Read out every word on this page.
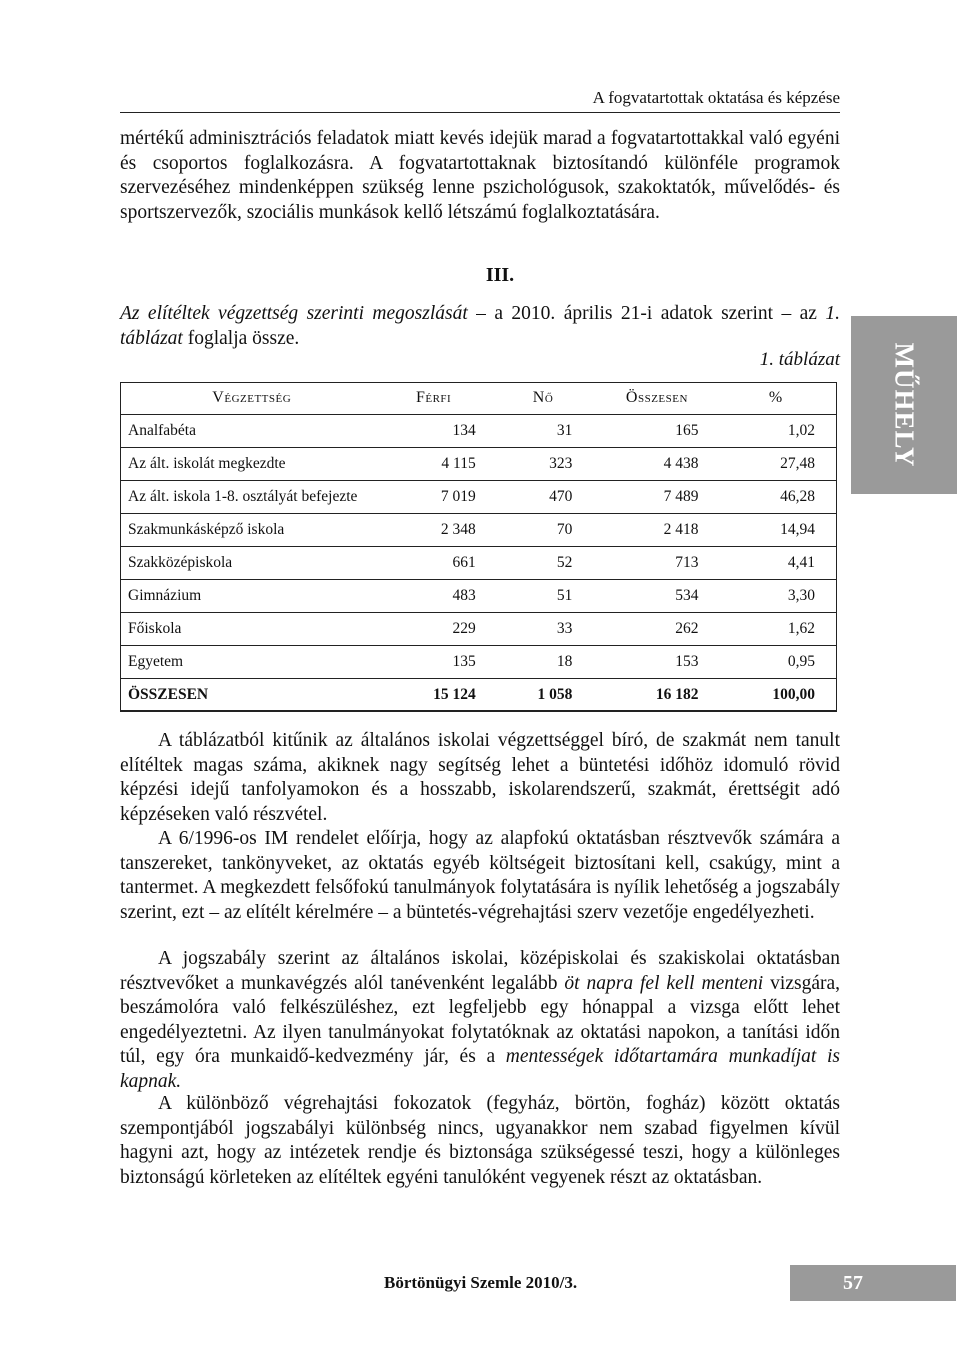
A fogvatartottak oktatása és képzése

mértékű adminisztrációs feladatok miatt kevés idejük marad a fogvatartottakkal való egyéni és csoportos foglalkozásra. A fogvatartottaknak biztosítandó különféle programok szervezéséhez mindenképpen szükség lenne pszichológusok, szakoktatók, művelődés- és sportszervezők, szociális munkások kellő létszámú foglalkoztatására.

III.

Az elítéltek végzettség szerinti megoszlását – a 2010. április 21-i adatok szerint – az 1. táblázat foglalja össze.

1. táblázat
Végzettség	Férfi	Nő	Összesen	%
Analfabéta	134	31	165	1,02
Az ált. iskolát megkezdte	4 115	323	4 438	27,48
Az ált. iskola 1-8. osztályát befejezte	7 019	470	7 489	46,28
Szakmunkásképző iskola	2 348	70	2 418	14,94
Szakközépiskola	661	52	713	4,41
Gimnázium	483	51	534	3,30
Főiskola	229	33	262	1,62
Egyetem	135	18	153	0,95
ÖSSZESEN	15 124	1 058	16 182	100,00

A táblázatból kitűnik az általános iskolai végzettséggel bíró, de szakmát nem tanult elítéltek magas száma, akiknek nagy segítség lehet a büntetési időhöz idomuló rövid képzési idejű tanfolyamokon és a hosszabb, iskolarendszerű, szakmát, érettségit adó képzéseken való részvétel.

A 6/1996-os IM rendelet előírja, hogy az alapfokú oktatásban résztvevők számára a tanszereket, tankönyveket, az oktatás egyéb költségeit biztosítani kell, csakúgy, mint a tantermet. A megkezdett felsőfokú tanulmányok folytatására is nyílik lehetőség a jogszabály szerint, ezt – az elítélt kérelmére – a büntetés-végrehajtási szerv vezetője engedélyezheti.

A jogszabály szerint az általános iskolai, középiskolai és szakiskolai oktatásban résztvevőket a munkavégzés alól tanévenként legalább öt napra fel kell menteni vizsgára, beszámolóra való felkészüléshez, ezt legfeljebb egy hónappal a vizsga előtt lehet engedélyeztetni. Az ilyen tanulmányokat folytatóknak az oktatási napokon, a tanítási időn túl, egy óra munkaidő-kedvezmény jár, és a mentességek időtartamára munkadíjat is kapnak.

A különböző végrehajtási fokozatok (fegyház, börtön, fogház) között oktatás szempontjából jogszabályi különbség nincs, ugyanakkor nem szabad figyelmen kívül hagyni azt, hogy az intézetek rendje és biztonsága szükségessé teszi, hogy a különleges biztonságú körleteken az elítéltek egyéni tanulóként vegyenek részt az oktatásban.

MŰHELY
Börtönügyi Szemle 2010/3.	57
